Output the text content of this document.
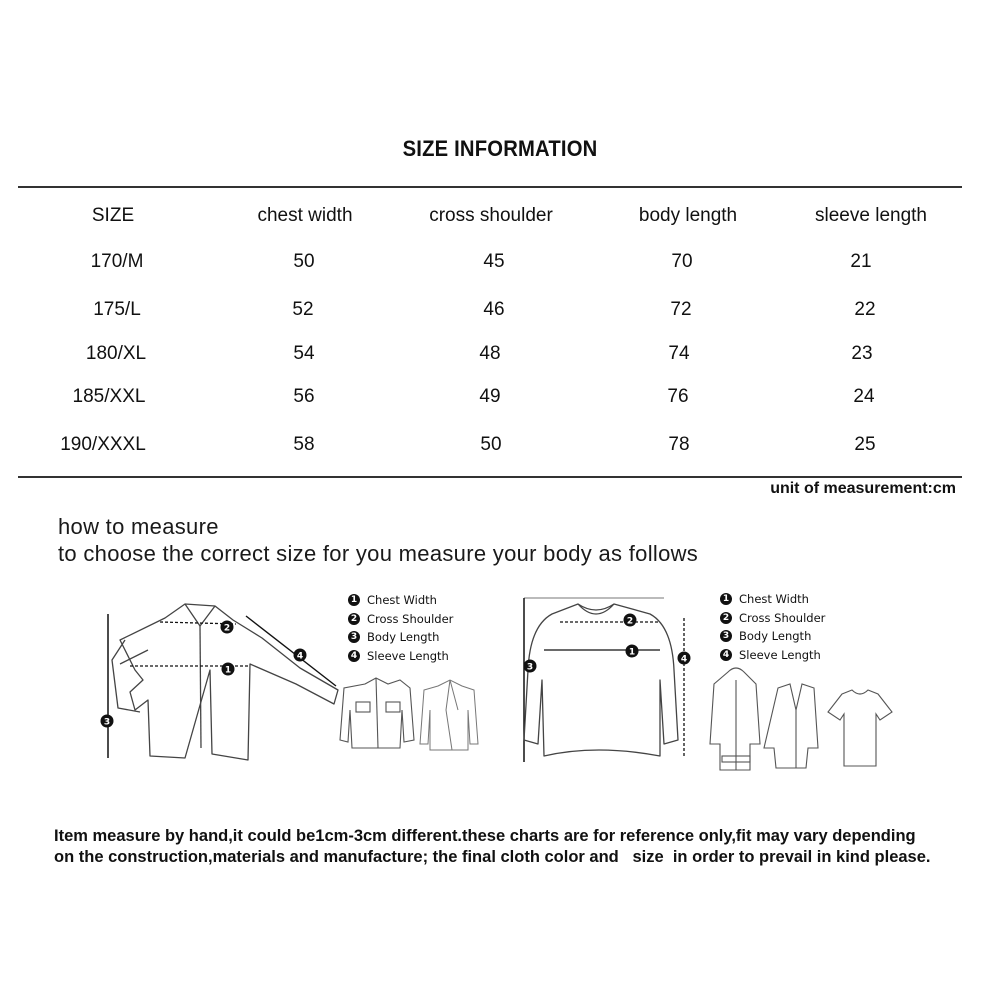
SIZE INFORMATION
SIZE	chest width	cross shoulder	body length	sleeve length
170/M	50	45	70	21
175/L	52	46	72	22
180/XL	54	48	74	23
185/XXL	56	49	76	24
190/XXXL	58	50	78	25
unit of measurement:cm
how to measure
to choose the correct size for you measure your body as follows
1
2
3
4
1 Chest Width
2 Cross Shoulder
3 Body Length
4 Sleeve Length	1
2
3
4
1 Chest Width
2 Cross Shoulder
3 Body Length
4 Sleeve Length
Item measure by hand,it could be1cm-3cm different.these charts are for reference only,fit may vary depending
on the construction,materials and manufacture; the final cloth color and   size  in order to prevail in kind please.
